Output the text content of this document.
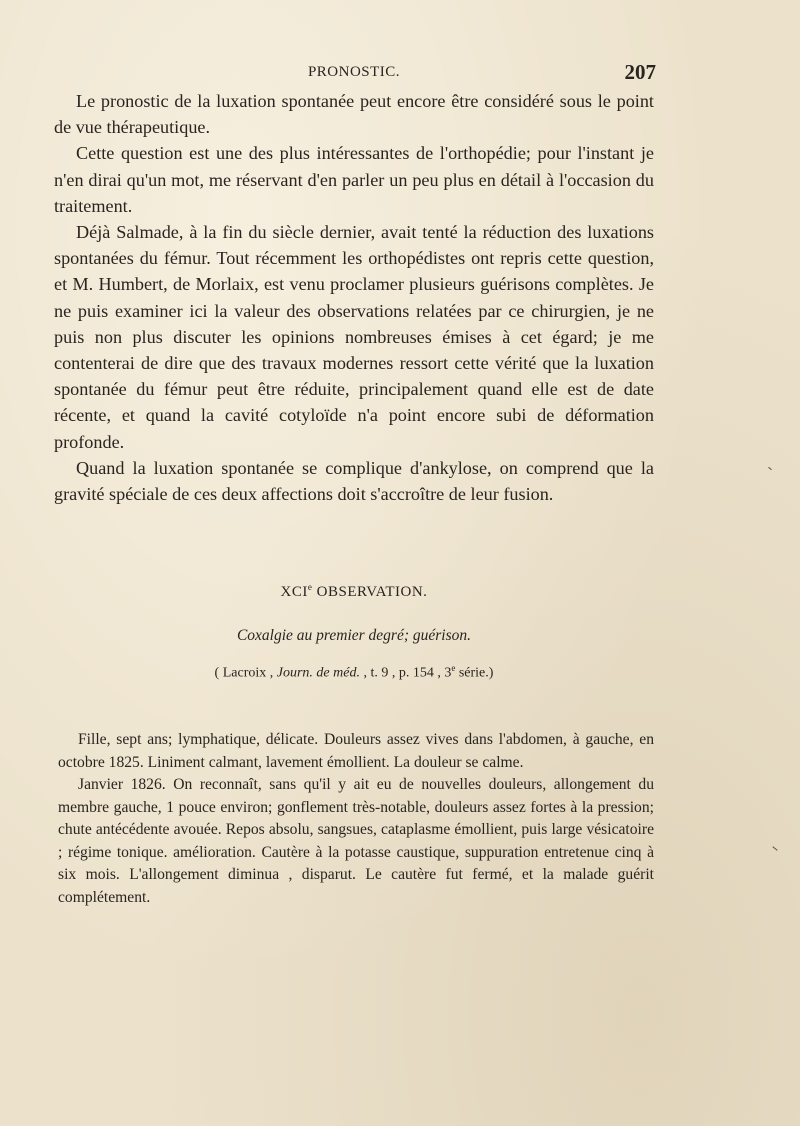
PRONOSTIC.	207

Le pronostic de la luxation spontanée peut encore être considéré sous le point de vue thérapeutique.

Cette question est une des plus intéressantes de l'orthopédie; pour l'instant je n'en dirai qu'un mot, me réservant d'en parler un peu plus en détail à l'occasion du traitement.

Déjà Salmade, à la fin du siècle dernier, avait tenté la réduction des luxations spontanées du fémur. Tout récemment les orthopédistes ont repris cette question, et M. Humbert, de Morlaix, est venu proclamer plusieurs guérisons complètes. Je ne puis examiner ici la valeur des observations relatées par ce chirurgien, je ne puis non plus discuter les opinions nombreuses émises à cet égard; je me contenterai de dire que des travaux modernes ressort cette vérité que la luxation spontanée du fémur peut être réduite, principalement quand elle est de date récente, et quand la cavité cotyloïde n'a point encore subi de déformation profonde.

Quand la luxation spontanée se complique d'ankylose, on comprend que la gravité spéciale de ces deux affections doit s'accroître de leur fusion.

XCIe OBSERVATION.
Coxalgie au premier degré; guérison.
( Lacroix , Journ. de méd. , t. 9 , p. 154 , 3e série.)

Fille, sept ans; lymphatique, délicate. Douleurs assez vives dans l'abdomen, à gauche, en octobre 1825. Liniment calmant, lavement émollient. La douleur se calme.

Janvier 1826. On reconnaît, sans qu'il y ait eu de nouvelles douleurs, allongement du membre gauche, 1 pouce environ; gonflement très-notable, douleurs assez fortes à la pression; chute antécédente avouée. Repos absolu, sangsues, cataplasme émollient, puis large vésicatoire ; régime tonique. amélioration. Cautère à la potasse caustique, suppuration entretenue cinq à six mois. L'allongement diminua , disparut. Le cautère fut fermé, et la malade guérit complétement.
